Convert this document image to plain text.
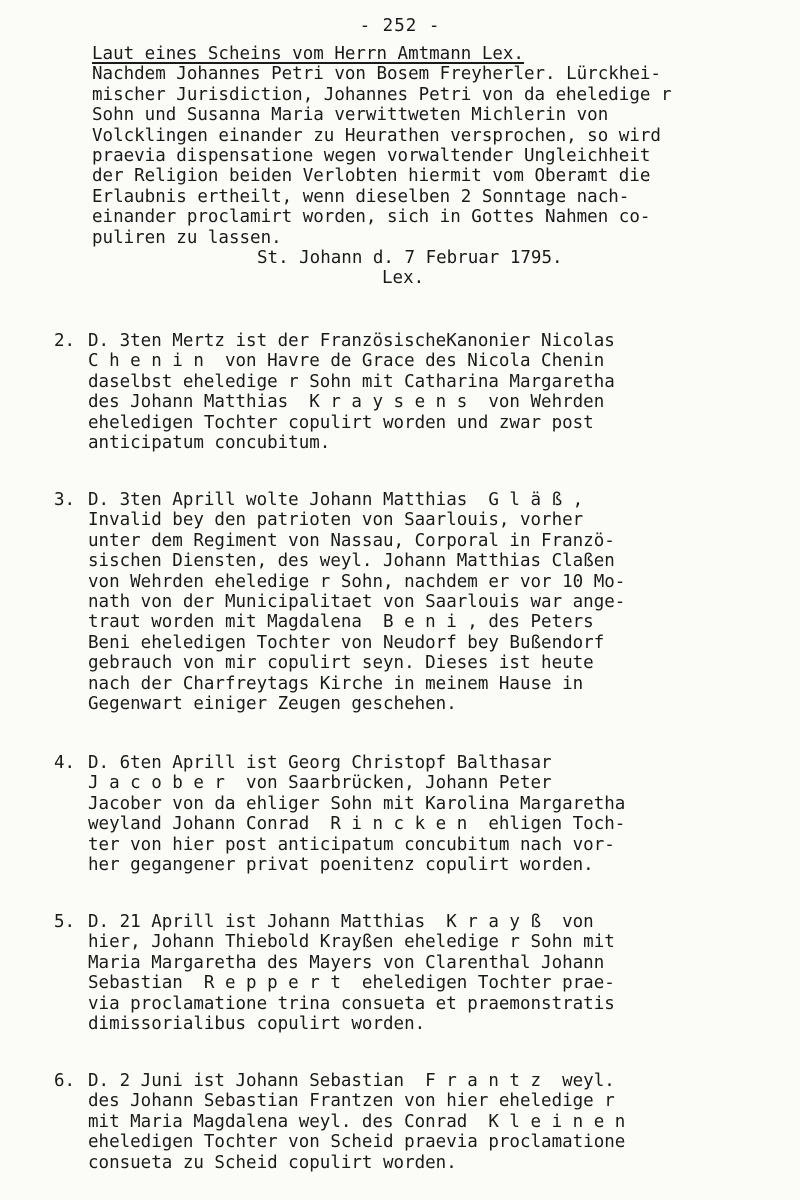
- 252 -
Laut eines Scheins vom Herrn Amtmann Lex.
Nachdem Johannes Petri von Bosem Freyherler. Lürckhei-
mischer Jurisdiction, Johannes Petri von da eheledige r
Sohn und Susanna Maria verwittweten Michlerin von
Volcklingen einander zu Heurathen versprochen, so wird
praevia dispensatione wegen vorwaltender Ungleichheit
der Religion beiden Verlobten hiermit vom Oberamt die
Erlaubnis ertheilt, wenn dieselben 2 Sonntage nach-
einander proclamirt worden, sich in Gottes Nahmen co-
puliren zu lassen.
St. Johann d. 7 Februar 1795.
Lex.
2. D. 3ten Mertz ist der FranzösischeKanonier Nicolas
C h e n i n  von Havre de Grace des Nicola Chenin
daselbst eheledige r Sohn mit Catharina Margaretha
des Johann Matthias  K r a y s e n s  von Wehrden
eheledigen Tochter copulirt worden und zwar post
anticipatum concubitum.
3. D. 3ten Aprill wolte Johann Matthias  G l ä ß ,
Invalid bey den patrioten von Saarlouis, vorher
unter dem Regiment von Nassau, Corporal in Franzö-
sischen Diensten, des weyl. Johann Matthias Claßen
von Wehrden eheledige r Sohn, nachdem er vor 10 Mo-
nath von der Municipalitaet von Saarlouis war ange-
traut worden mit Magdalena  B e n i , des Peters
Beni eheledigen Tochter von Neudorf bey Bußendorf
gebrauch von mir copulirt seyn. Dieses ist heute
nach der Charfreytags Kirche in meinem Hause in
Gegenwart einiger Zeugen geschehen.
4. D. 6ten Aprill ist Georg Christopf Balthasar
J a c o b e r  von Saarbrücken, Johann Peter
Jacober von da ehliger Sohn mit Karolina Margaretha
weyland Johann Conrad  R i n c k e n  ehligen Toch-
ter von hier post anticipatum concubitum nach vor-
her gegangener privat poenitenz copulirt worden.
5. D. 21 Aprill ist Johann Matthias  K r a y ß  von
hier, Johann Thiebold Krayßen eheledige r Sohn mit
Maria Margaretha des Mayers von Clarenthal Johann
Sebastian  R e p p e r t  eheledigen Tochter prae-
via proclamatione trina consueta et praemonstratis
dimissorialibus copulirt worden.
6. D. 2 Juni ist Johann Sebastian  F r a n t z  weyl.
des Johann Sebastian Frantzen von hier eheledige r
mit Maria Magdalena weyl. des Conrad  K l e i n e n
eheledigen Tochter von Scheid praevia proclamatione
consueta zu Scheid copulirt worden.
